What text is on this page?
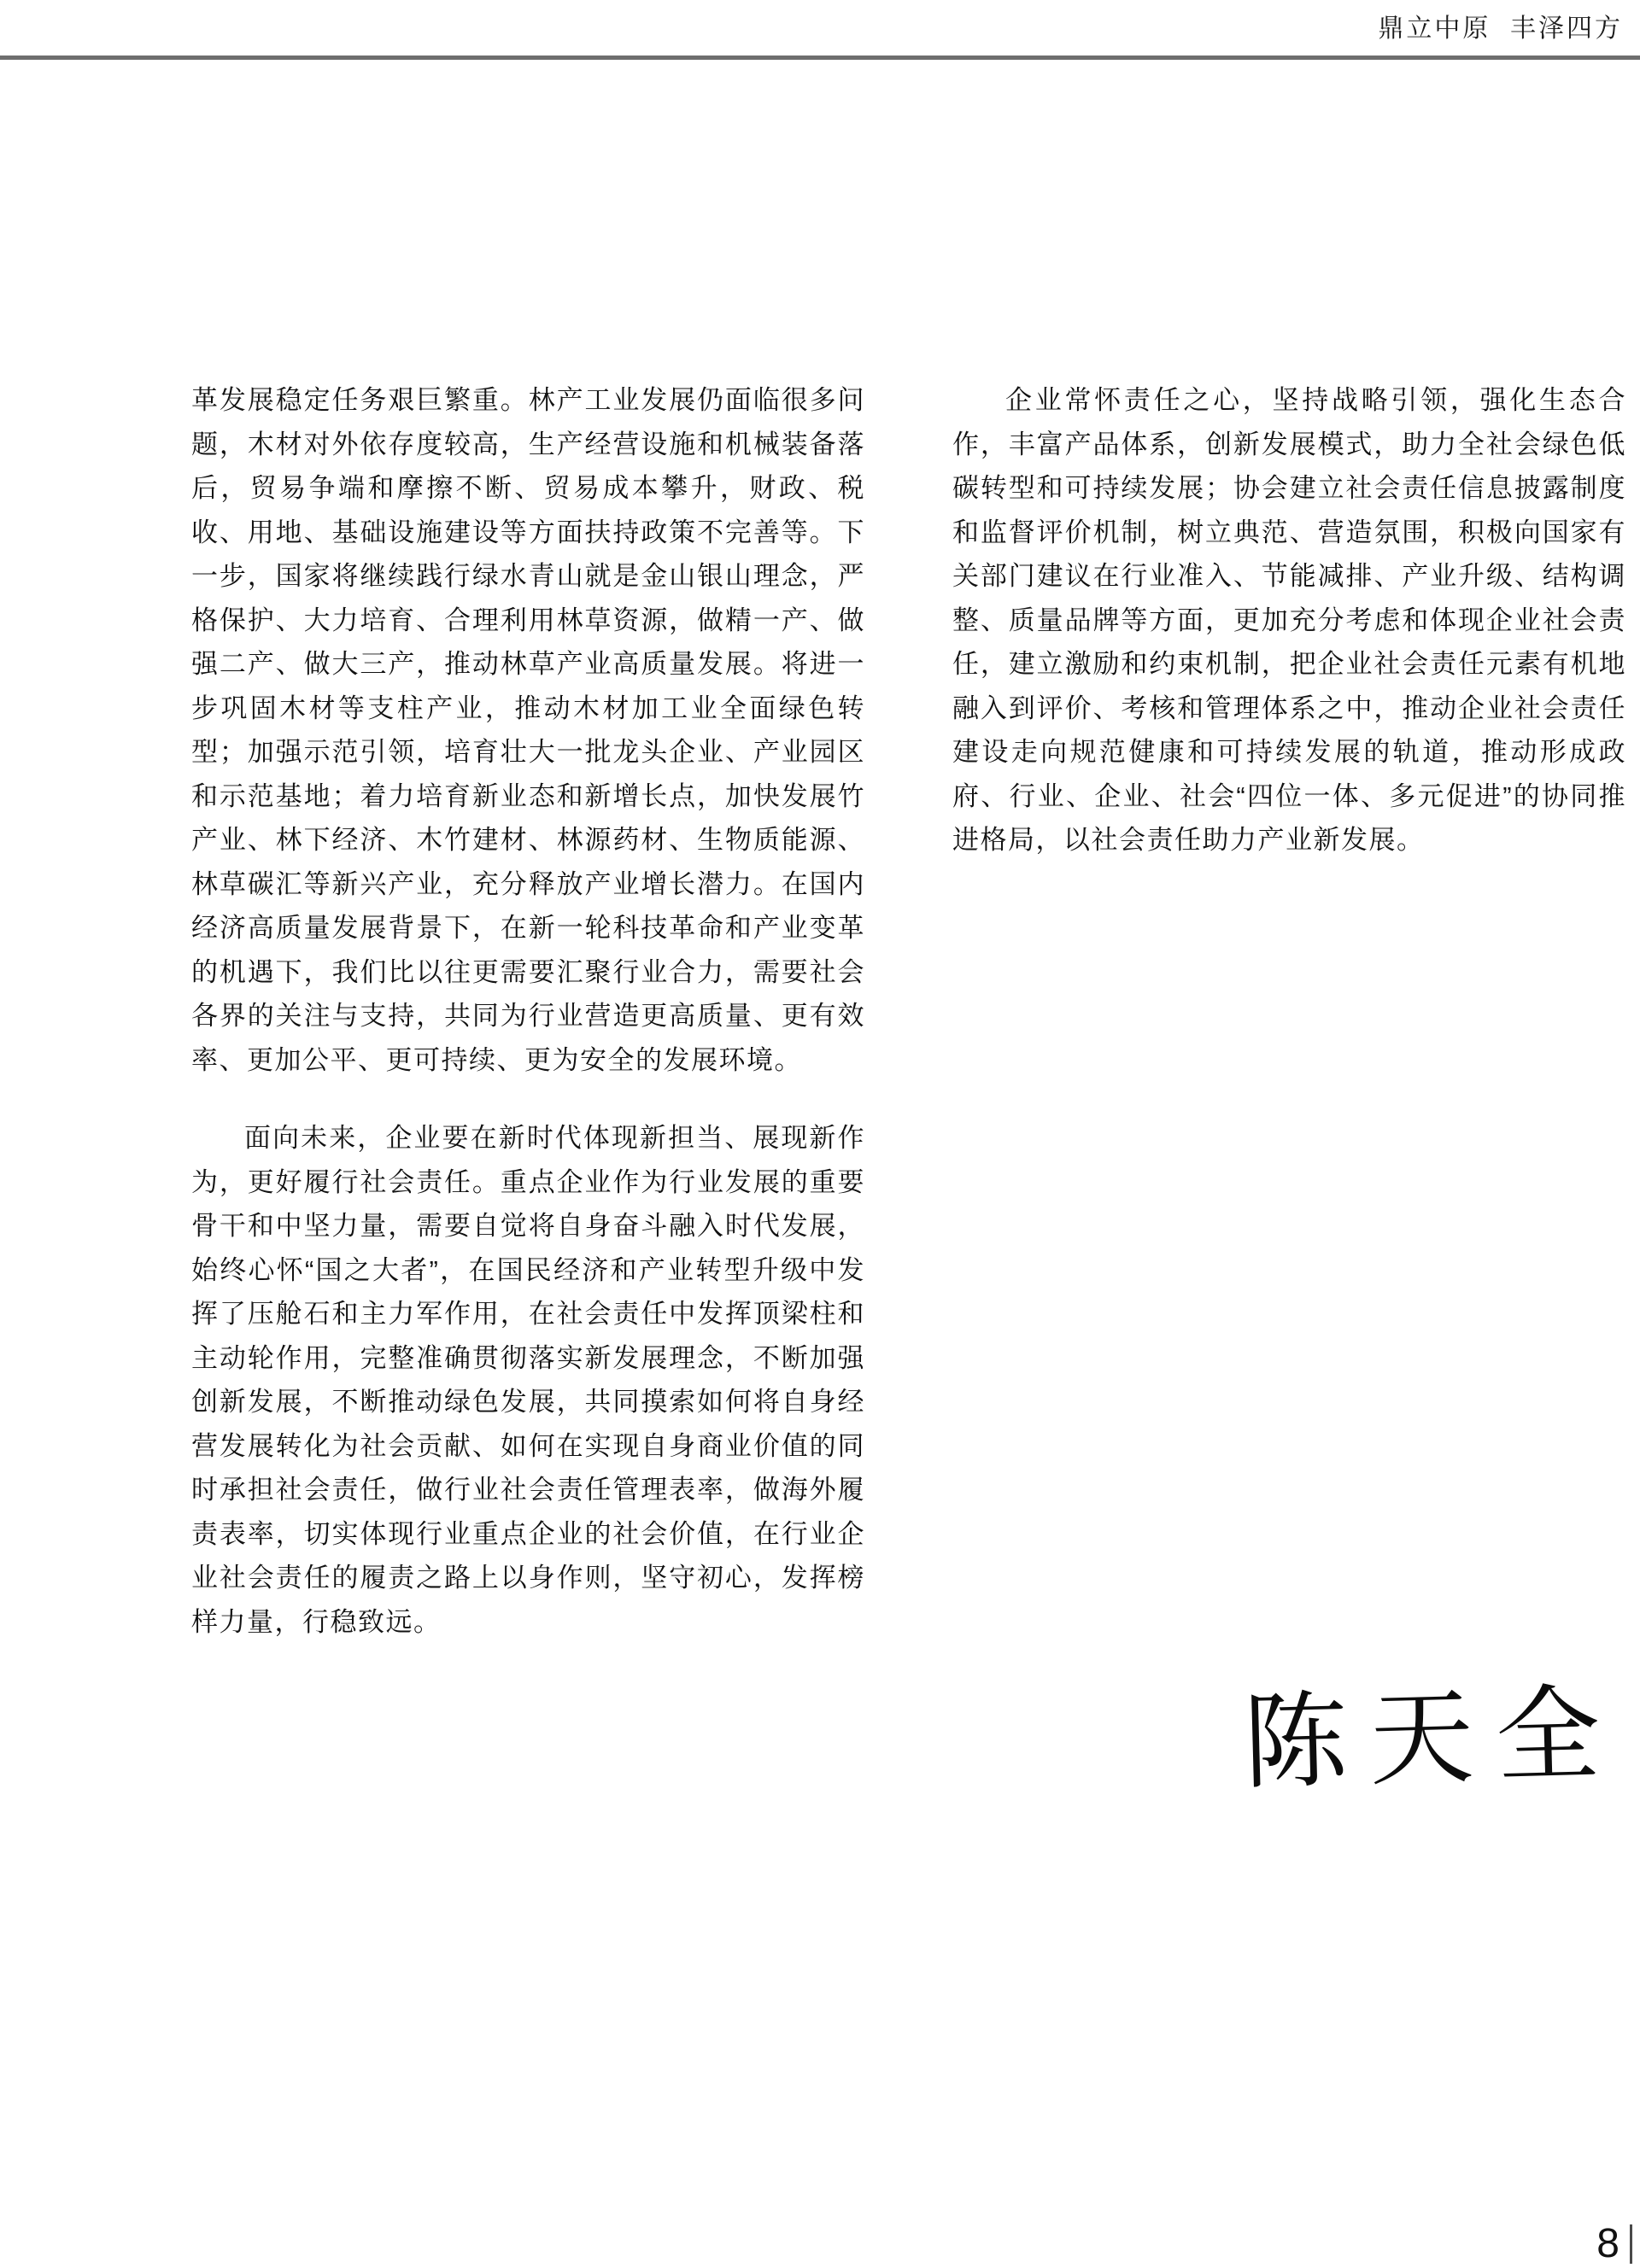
鼎立中原  丰泽四方

革发展稳定任务艰巨繁重。林产工业发展仍面临很多问题，木材对外依存度较高，生产经营设施和机械装备落后，贸易争端和摩擦不断、贸易成本攀升，财政、税收、用地、基础设施建设等方面扶持政策不完善等。下一步，国家将继续践行绿水青山就是金山银山理念，严格保护、大力培育、合理利用林草资源，做精一产、做强二产、做大三产，推动林草产业高质量发展。将进一步巩固木材等支柱产业，推动木材加工业全面绿色转型；加强示范引领，培育壮大一批龙头企业、产业园区和示范基地；着力培育新业态和新增长点，加快发展竹产业、林下经济、木竹建材、林源药材、生物质能源、林草碳汇等新兴产业，充分释放产业增长潜力。在国内经济高质量发展背景下，在新一轮科技革命和产业变革的机遇下，我们比以往更需要汇聚行业合力，需要社会各界的关注与支持，共同为行业营造更高质量、更有效率、更加公平、更可持续、更为安全的发展环境。

面向未来，企业要在新时代体现新担当、展现新作为，更好履行社会责任。重点企业作为行业发展的重要骨干和中坚力量，需要自觉将自身奋斗融入时代发展，始终心怀“国之大者”，在国民经济和产业转型升级中发挥了压舱石和主力军作用，在社会责任中发挥顶梁柱和主动轮作用，完整准确贯彻落实新发展理念，不断加强创新发展，不断推动绿色发展，共同摸索如何将自身经营发展转化为社会贡献、如何在实现自身商业价值的同时承担社会责任，做行业社会责任管理表率，做海外履责表率，切实体现行业重点企业的社会价值，在行业企业社会责任的履责之路上以身作则，坚守初心，发挥榜样力量，行稳致远。

企业常怀责任之心，坚持战略引领，强化生态合作，丰富产品体系，创新发展模式，助力全社会绿色低碳转型和可持续发展；协会建立社会责任信息披露制度和监督评价机制，树立典范、营造氛围，积极向国家有关部门建议在行业准入、节能减排、产业升级、结构调整、质量品牌等方面，更加充分考虑和体现企业社会责任，建立激励和约束机制，把企业社会责任元素有机地融入到评价、考核和管理体系之中，推动企业社会责任建设走向规范健康和可持续发展的轨道，推动形成政府、行业、企业、社会“四位一体、多元促进”的协同推进格局，以社会责任助力产业新发展。

陈天全
8
